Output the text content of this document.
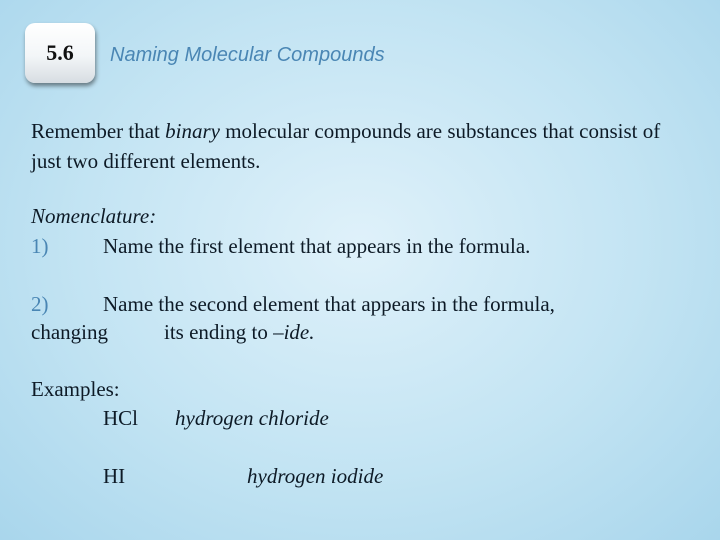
5.6	Naming Molecular Compounds

Remember that binary molecular compounds are substances that consist of just two different elements.

Nomenclature:

1)	Name the first element that appears in the formula.

2)	Name the second element that appears in the formula,

changing	its ending to –ide.

Examples:

HCl hydrogen chloride

HI	hydrogen iodide
